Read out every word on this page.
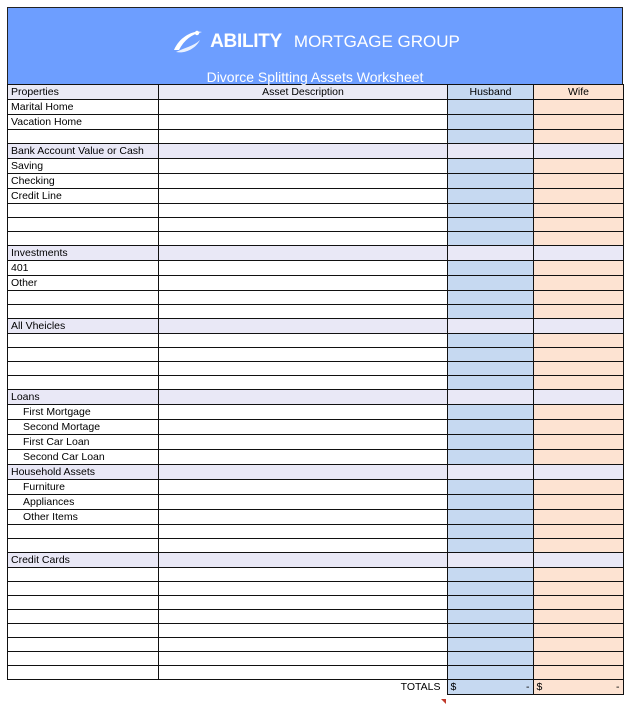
ABILITY MORTGAGE GROUP
Divorce Splitting Assets Worksheet
Properties	Asset Description	Husband	Wife
Marital Home			
Vacation Home			

Bank Account Value or Cash			
Saving			
Checking			
Credit Line			

Investments			
401			
Other			

All Vheicles			

Loans			
First Mortgage			
Second Mortage			
First Car Loan			
Second Car Loan			
Household Assets			
Furniture			
Appliances			
Other Items			

Credit Cards			

	TOTALS	$	-	$	-
